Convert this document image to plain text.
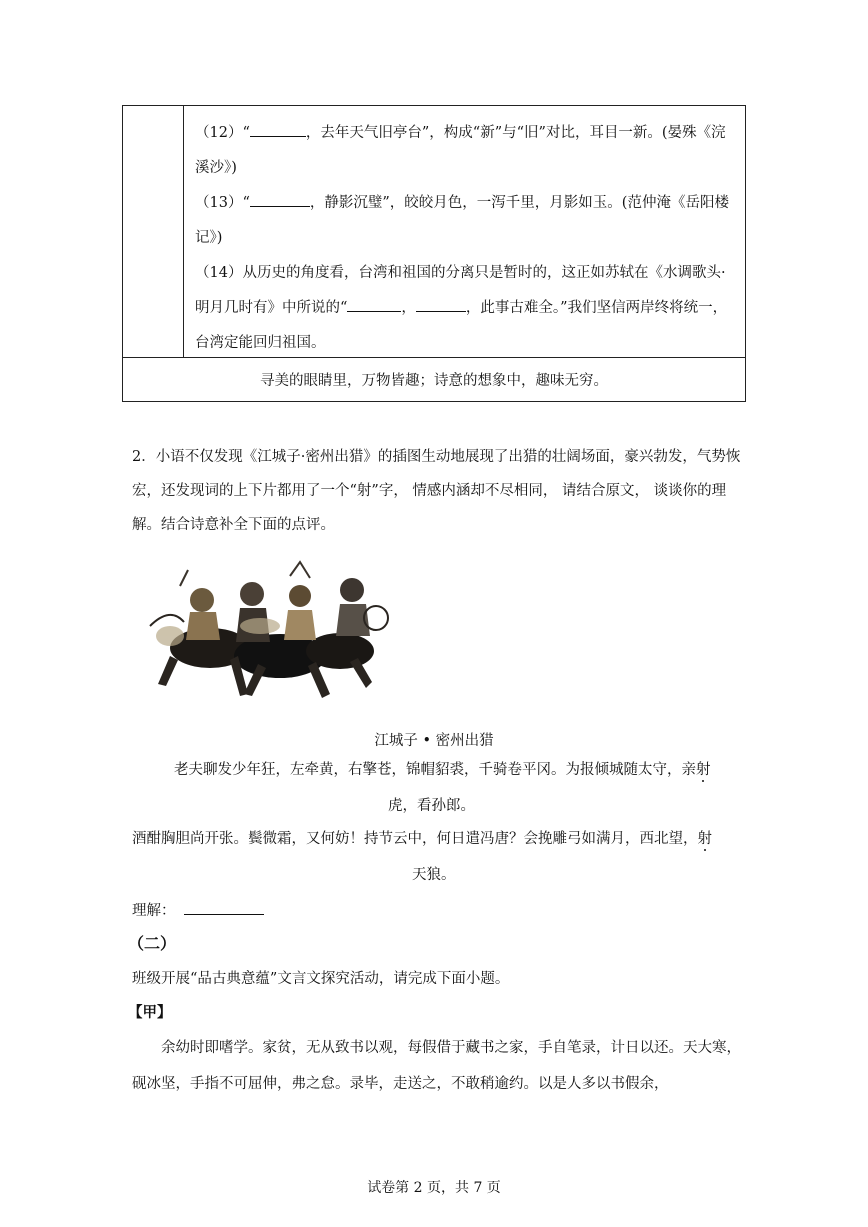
（12）“	，去年天气旧亭台”，构成“新”与“旧”对比，耳目一新。(晏殊《浣溪沙》)
（13）“	，静影沉璧”，皎皎月色，一泻千里，月影如玉。(范仲淹《岳阳楼记》)
（14）从历史的角度看，台湾和祖国的分离只是暂时的，这正如苏轼在《水调歌头·明月几时有》中所说的“	，	，此事古难全。”我们坚信两岸终将统一，台湾定能回归祖国。
寻美的眼睛里，万物皆趣；诗意的想象中，趣味无穷。
2．小语不仅发现《江城子·密州出猎》的插图生动地展现了出猎的壮阔场面，豪兴勃发，气势恢宏，还发现词的上下片都用了一个“射”字， 情感内涵却不尽相同， 请结合原文， 谈谈你的理解。结合诗意补全下面的点评。
江城子 • 密州出猎
老夫聊发少年狂，左牵黄，右擎苍，锦帽貂裘，千骑卷平冈。为报倾城随太守，亲射
虎，看孙郎。
酒酣胸胆尚开张。鬓微霜，又何妨！持节云中，何日遣冯唐？会挽雕弓如满月，西北望，射
天狼。
理解：
（二）
班级开展“品古典意蕴”文言文探究活动，请完成下面小题。
【甲】
余幼时即嗜学。家贫，无从致书以观，每假借于藏书之家，手自笔录，计日以还。天大寒，砚冰坚，手指不可屈伸，弗之怠。录毕，走送之，不敢稍逾约。以是人多以书假余，
试卷第 2 页，共 7 页
